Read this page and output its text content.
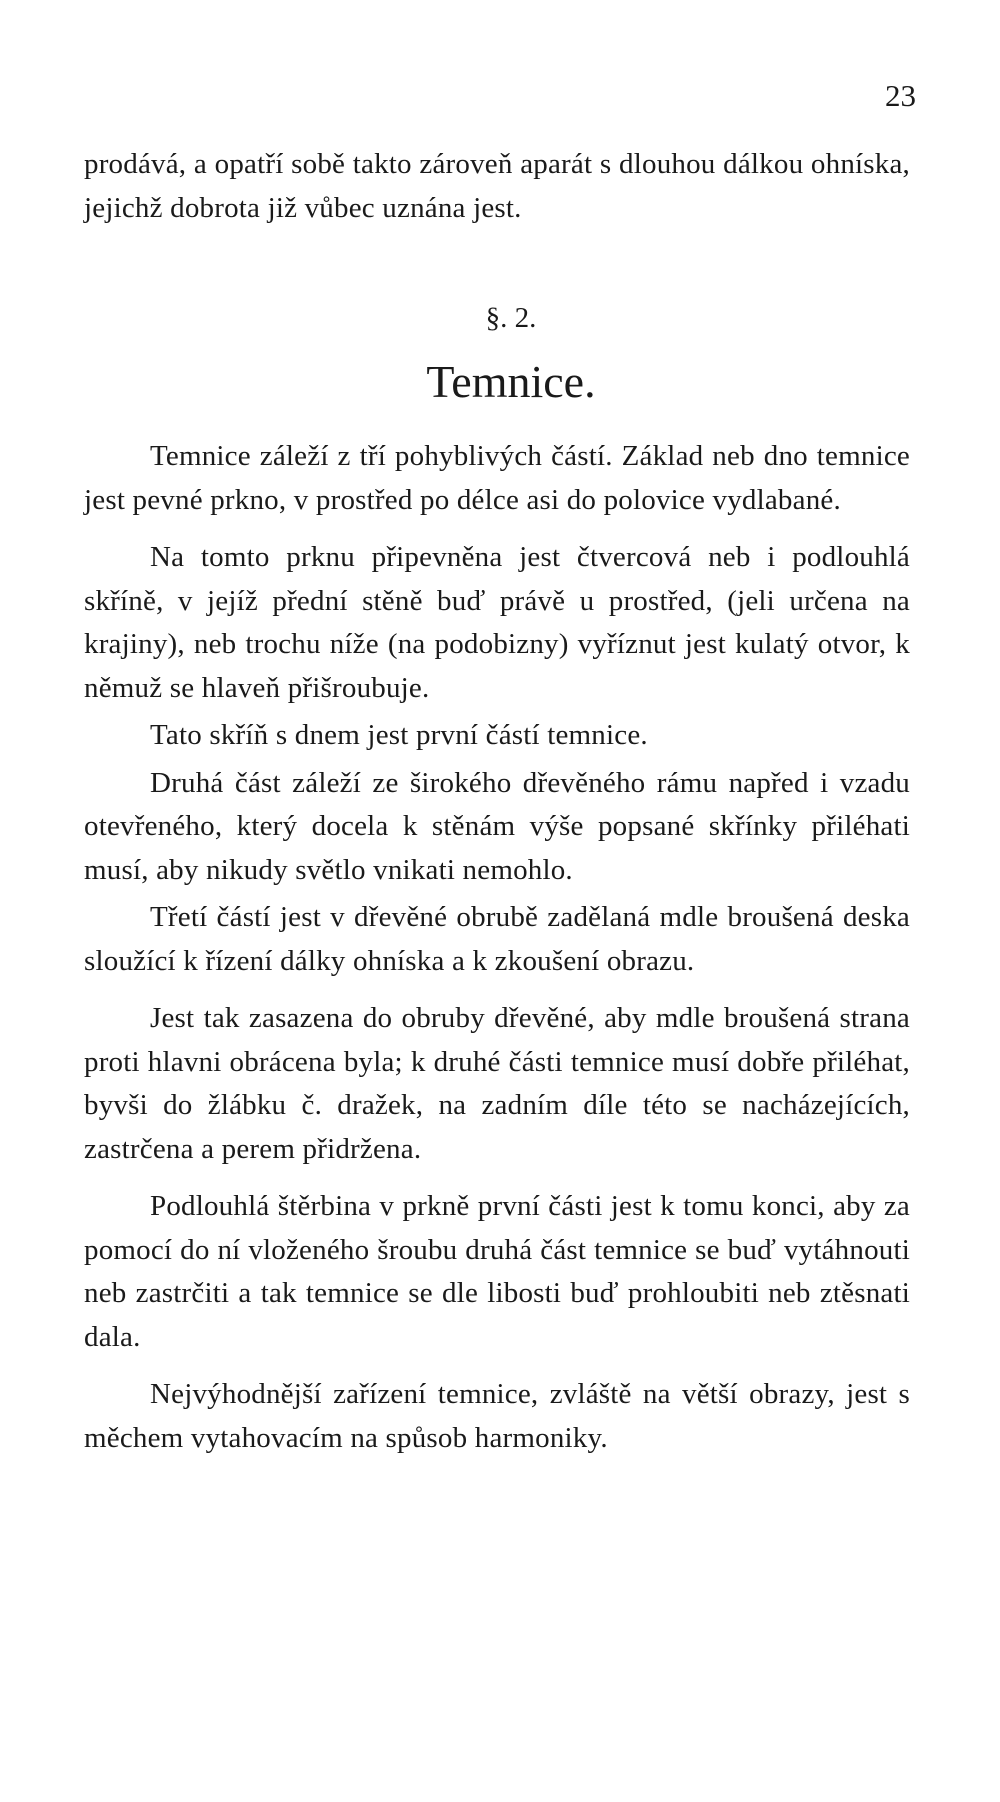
23

prodává, a opatří sobě takto zároveň aparát s dlouhou dálkou ohníska, jejichž dobrota již vůbec uznána jest.

§. 2.
Temnice.

Temnice záleží z tří pohyblivých částí. Základ neb dno temnice jest pevné prkno, v prostřed po délce asi do polovice vydlabané.

Na tomto prknu připevněna jest čtvercová neb i podlouhlá skříně, v jejíž přední stěně buď právě u prostřed, (jeli určena na krajiny), neb trochu níže (na podobizny) vyříznut jest kulatý otvor, k němuž se hlaveň přišroubuje.

Tato skříň s dnem jest první částí temnice.

Druhá část záleží ze širokého dřevěného rámu napřed i vzadu otevřeného, který docela k stěnám výše popsané skřínky přiléhati musí, aby nikudy světlo vnikati nemohlo.

Třetí částí jest v dřevěné obrubě zadělaná mdle broušená deska sloužící k řízení dálky ohníska a k zkoušení obrazu.

Jest tak zasazena do obruby dřevěné, aby mdle broušená strana proti hlavni obrácena byla; k druhé části temnice musí dobře přiléhat, byvši do žlábku č. dražek, na zadním díle této se nacházejících, zastrčena a perem přidržena.

Podlouhlá štěrbina v prkně první části jest k tomu konci, aby za pomocí do ní vloženého šroubu druhá část temnice se buď vytáhnouti neb zastrčiti a tak temnice se dle libosti buď prohloubiti neb ztěsnati dala.

Nejvýhodnější zařízení temnice, zvláště na větší obrazy, jest s měchem vytahovacím na spůsob harmoniky.
